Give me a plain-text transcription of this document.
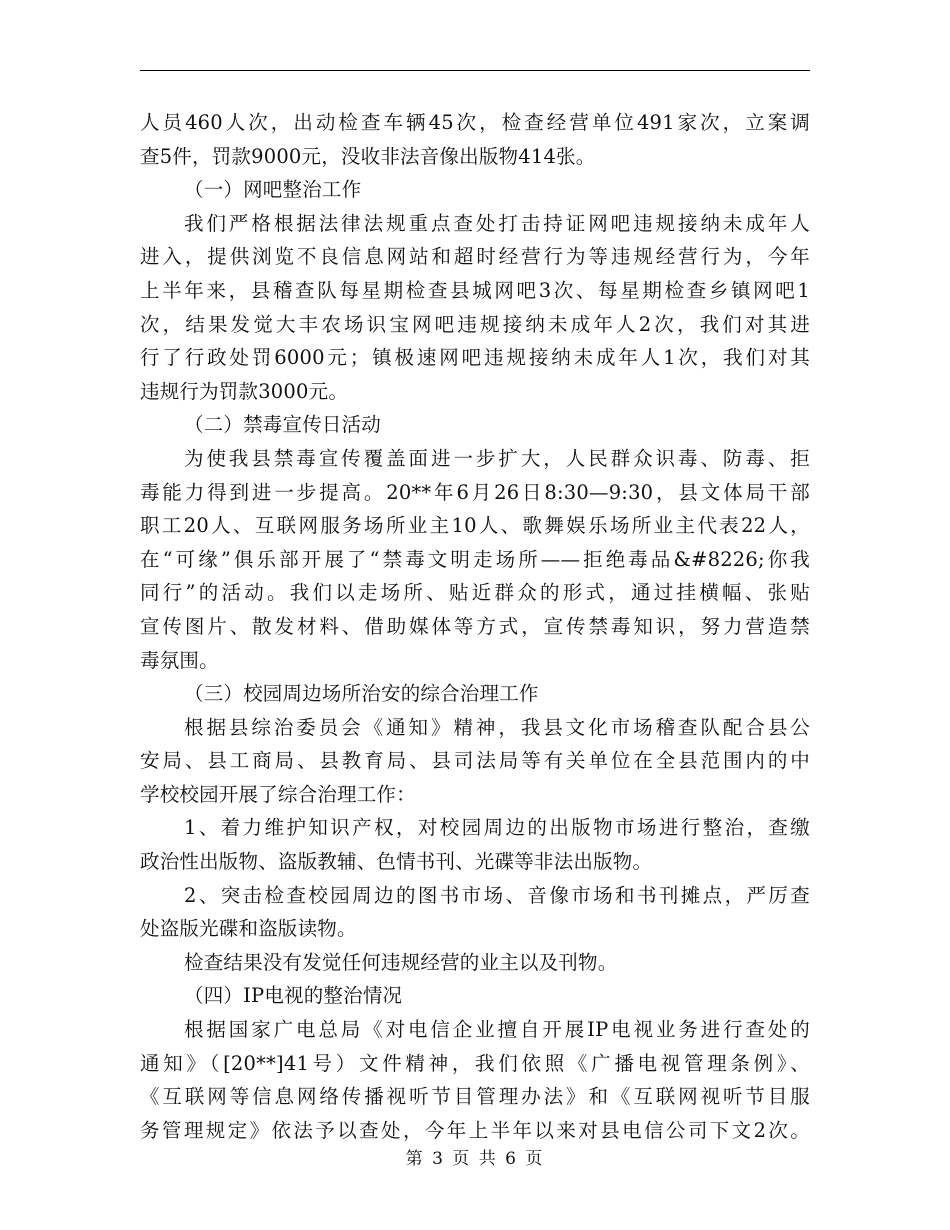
人员460人次，出动检查车辆45次，检查经营单位491家次，立案调
查5件，罚款9000元，没收非法音像出版物414张。
（一）网吧整治工作
我们严格根据法律法规重点查处打击持证网吧违规接纳未成年人
进入，提供浏览不良信息网站和超时经营行为等违规经营行为，今年
上半年来，县稽查队每星期检查县城网吧3次、每星期检查乡镇网吧1
次，结果发觉大丰农场识宝网吧违规接纳未成年人2次，我们对其进
行了行政处罚6000元；镇极速网吧违规接纳未成年人1次，我们对其
违规行为罚款3000元。
（二）禁毒宣传日活动
为使我县禁毒宣传覆盖面进一步扩大，人民群众识毒、防毒、拒
毒能力得到进一步提高。20**年6月26日8:30—9:30，县文体局干部
职工20人、互联网服务场所业主10人、歌舞娱乐场所业主代表22人，
在“可缘”俱乐部开展了“禁毒文明走场所——拒绝毒品&#8226;你我
同行”的活动。我们以走场所、贴近群众的形式，通过挂横幅、张贴
宣传图片、散发材料、借助媒体等方式，宣传禁毒知识，努力营造禁
毒氛围。
（三）校园周边场所治安的综合治理工作
根据县综治委员会《通知》精神，我县文化市场稽查队配合县公
安局、县工商局、县教育局、县司法局等有关单位在全县范围内的中
学校校园开展了综合治理工作：
1、着力维护知识产权，对校园周边的出版物市场进行整治，查缴
政治性出版物、盗版教辅、色情书刊、光碟等非法出版物。
2、突击检查校园周边的图书市场、音像市场和书刊摊点，严厉查
处盗版光碟和盗版读物。
检查结果没有发觉任何违规经营的业主以及刊物。
（四）IP电视的整治情况
根据国家广电总局《对电信企业擅自开展IP电视业务进行查处的
通知》（[20**]41号）文件精神，我们依照《广播电视管理条例》、
《互联网等信息网络传播视听节目管理办法》和《互联网视听节目服
务管理规定》依法予以查处，今年上半年以来对县电信公司下文2次。
第 3 页 共 6 页
